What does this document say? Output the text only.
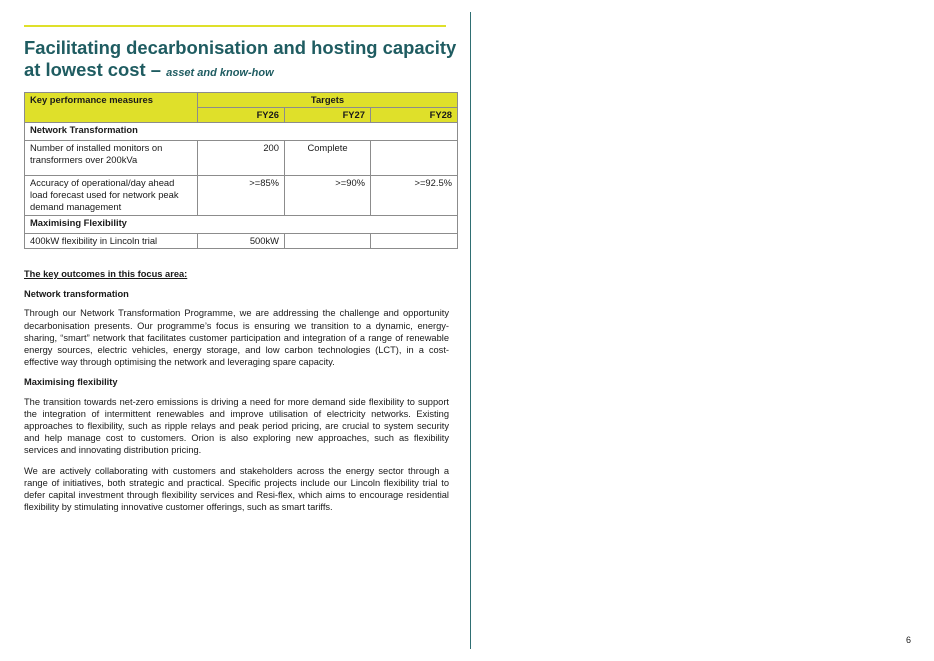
Facilitating decarbonisation and hosting capacity at lowest cost – asset and know-how
Key performance measures	Targets		
	FY26	FY27	FY28
Network Transformation			
Number of installed monitors on transformers over 200kVa	200	Complete	
Accuracy of operational/day ahead load forecast used for network peak demand management	>=85%	>=90%	>=92.5%
Maximising Flexibility			
400kW flexibility in Lincoln trial	500kW		
The key outcomes in this focus area:
Network transformation

Through our Network Transformation Programme, we are addressing the challenge and opportunity decarbonisation presents. Our programme’s focus is ensuring we transition to a dynamic, energy-sharing, “smart” network that facilitates customer participation and integration of a range of renewable energy sources, electric vehicles, energy storage, and low carbon technologies (LCT), in a cost-effective way through optimising the network and leveraging spare capacity.

Maximising flexibility

The transition towards net-zero emissions is driving a need for more demand side flexibility to support the integration of intermittent renewables and improve utilisation of electricity networks. Existing approaches to flexibility, such as ripple relays and peak period pricing, are crucial to system security and help manage cost to customers. Orion is also exploring new approaches, such as flexibility services and innovating distribution pricing.

We are actively collaborating with customers and stakeholders across the energy sector through a range of initiatives, both strategic and practical. Specific projects include our Lincoln flexibility trial to defer capital investment through flexibility services and Resi-flex, which aims to encourage residential flexibility by stimulating innovative customer offerings, such as smart tariffs.

6
